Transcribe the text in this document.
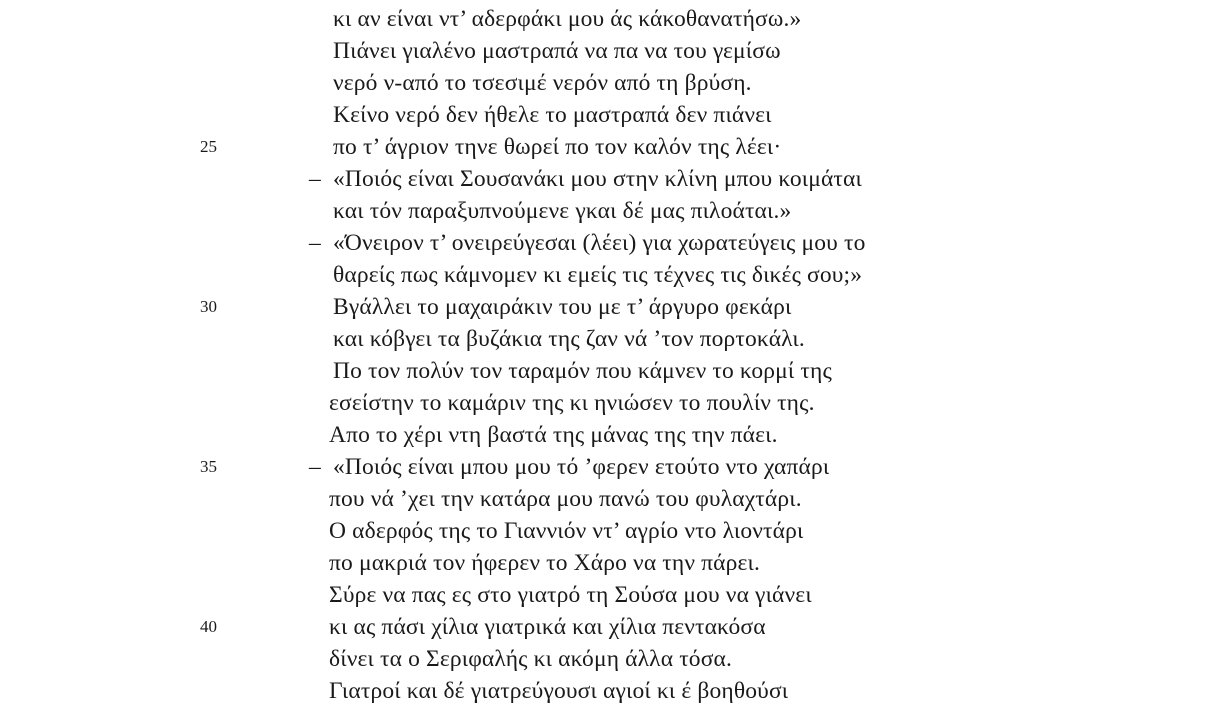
κι αν είναι ντ’ αδερφάκι μου άς κάκοθανατήσω.»
Πιάνει γιαλένο μαστραπά να πα να του γεμίσω
νερό ν-από το τσεσιμέ νερόν από τη βρύση.
Κείνο νερό δεν ήθελε το μαστραπά δεν πιάνει
25	πο τ’ άγριον τηνε θωρεί πο τον καλόν της λέει·
– «Ποιός είναι Σουσανάκι μου στην κλίνη μπου κοιμάται
και τόν παραξυπνούμενε γκαι δέ μας πιλοάται.»
– «Όνειρον τ’ ονειρεύγεσαι (λέει) για χωρατεύγεις μου το
θαρείς πως κάμνομεν κι εμείς τις τέχνες τις δικές σου;»
30	Βγάλλει το μαχαιράκιν του με τ’ άργυρο φεκάρι
και κόβγει τα βυζάκια της ζαν νά ’τον πορτοκάλι.
Πο τον πολύν τον ταραμόν που κάμνεν το κορμί της
εσείστην το καμάριν της κι ηνιώσεν το πουλίν της.
Απο το χέρι ντη βαστά της μάνας της την πάει.
35	– «Ποιός είναι μπου μου τό ’φερεν ετούτο ντο χαπάρι
που νά ’χει την κατάρα μου πανώ του φυλαχτάρι.
Ο αδερφός της το Γιαννιόν ντ’ αγρίο ντο λιοντάρι
πο μακριά τον ήφερεν το Χάρο να την πάρει.
Σύρε να πας ες στο γιατρό τη Σούσα μου να γιάνει
40	κι ας πάσι χίλια γιατρικά και χίλια πεντακόσα
δίνει τα ο Σεριφαλής κι ακόμη άλλα τόσα.
Γιατροί και δέ γιατρεύγουσι αγιοί κι έ βοηθούσι
